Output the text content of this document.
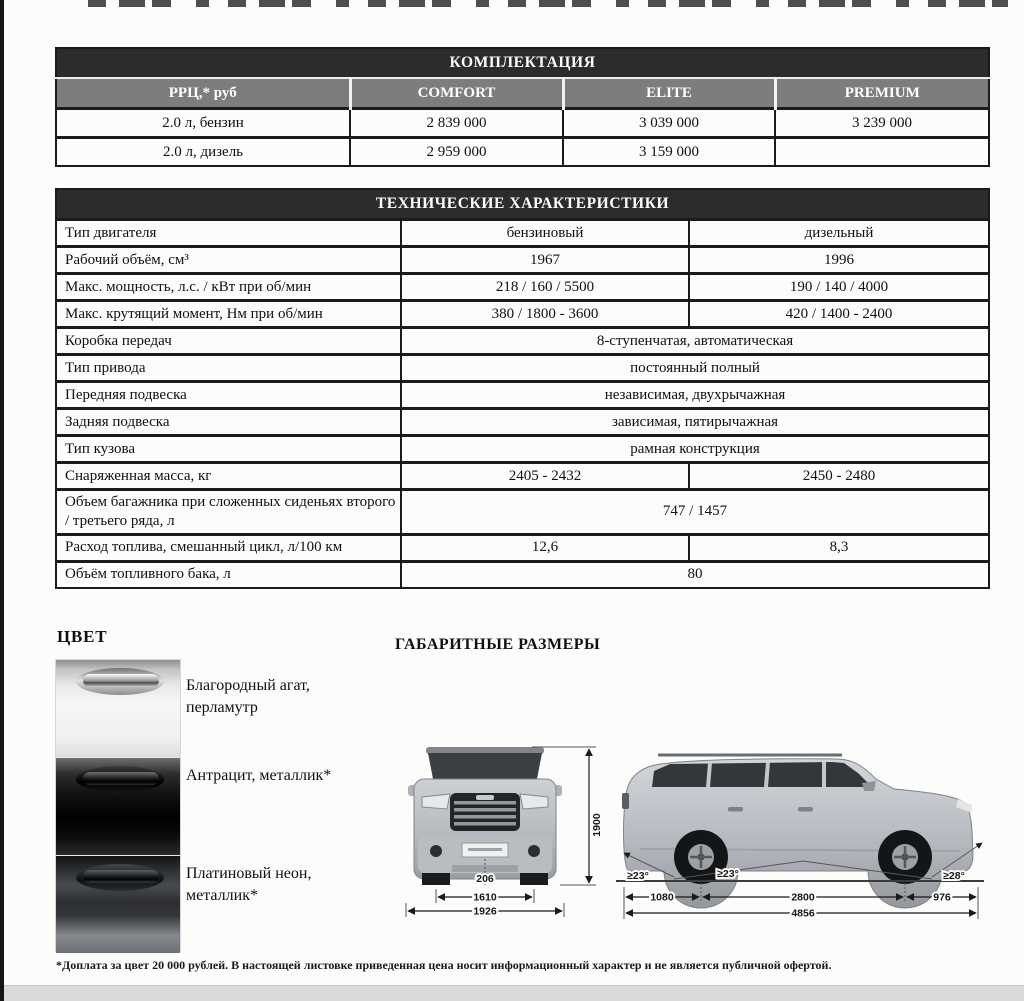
КОМПЛЕКТАЦИЯ			
РРЦ,* руб	COMFORT	ELITE	PREMIUM
2.0 л, бензин	2 839 000	3 039 000	3 239 000
2.0 л, дизель	2 959 000	3 159 000	
ТЕХНИЧЕСКИЕ ХАРАКТЕРИСТИКИ		
Тип двигателя	бензиновый	дизельный
Рабочий объём, см³	1967	1996
Макс. мощность, л.с. / кВт при об/мин	218 / 160 / 5500	190 / 140 / 4000
Макс. крутящий момент, Нм при об/мин	380 / 1800 - 3600	420 / 1400 - 2400
Коробка передач	8-ступенчатая, автоматическая	
Тип привода	постоянный полный	
Передняя подвеска	независимая, двухрычажная	
Задняя подвеска	зависимая, пятирычажная	
Тип кузова	рамная конструкция	
Снаряженная масса, кг	2405 - 2432	2450 - 2480
Объем багажника при сложенных сиденьях второго / третьего ряда, л	747 / 1457	
Расход топлива, смешанный цикл, л/100 км	12,6	8,3
Объём топливного бака, л	80	
ЦВЕТ
Благородный агат, перламутр
Антрацит, металлик*
Платиновый неон, металлик*
ГАБАРИТНЫЕ РАЗМЕРЫ
1900
206
1610
1926
≥23°	≥23°	≥28°
1080	2800	976
4856
*Доплата за цвет 20 000 рублей. В настоящей листовке приведенная цена носит информационный характер и не является публичной офертой.
